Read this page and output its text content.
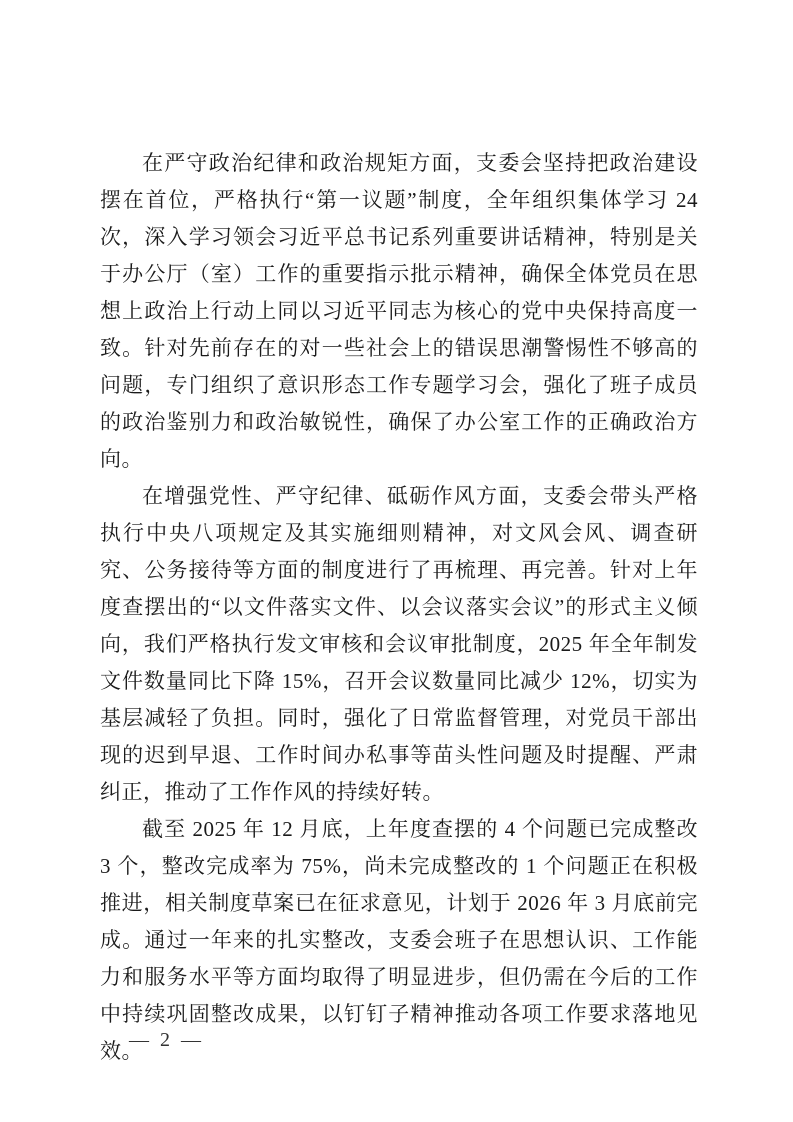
在严守政治纪律和政治规矩方面，支委会坚持把政治建设摆在首位，严格执行“第一议题”制度，全年组织集体学习 24 次，深入学习领会习近平总书记系列重要讲话精神，特别是关于办公厅（室）工作的重要指示批示精神，确保全体党员在思想上政治上行动上同以习近平同志为核心的党中央保持高度一致。针对先前存在的对一些社会上的错误思潮警惕性不够高的问题，专门组织了意识形态工作专题学习会，强化了班子成员的政治鉴别力和政治敏锐性，确保了办公室工作的正确政治方向。

在增强党性、严守纪律、砥砺作风方面，支委会带头严格执行中央八项规定及其实施细则精神，对文风会风、调查研究、公务接待等方面的制度进行了再梳理、再完善。针对上年度查摆出的“以文件落实文件、以会议落实会议”的形式主义倾向，我们严格执行发文审核和会议审批制度，2025 年全年制发文件数量同比下降 15%，召开会议数量同比减少 12%，切实为基层减轻了负担。同时，强化了日常监督管理，对党员干部出现的迟到早退、工作时间办私事等苗头性问题及时提醒、严肃纠正，推动了工作作风的持续好转。

截至 2025 年 12 月底，上年度查摆的 4 个问题已完成整改 3 个，整改完成率为 75%，尚未完成整改的 1 个问题正在积极推进，相关制度草案已在征求意见，计划于 2026 年 3 月底前完成。通过一年来的扎实整改，支委会班子在思想认识、工作能力和服务水平等方面均取得了明显进步，但仍需在今后的工作中持续巩固整改成果，以钉钉子精神推动各项工作要求落地见效。

— 2 —
